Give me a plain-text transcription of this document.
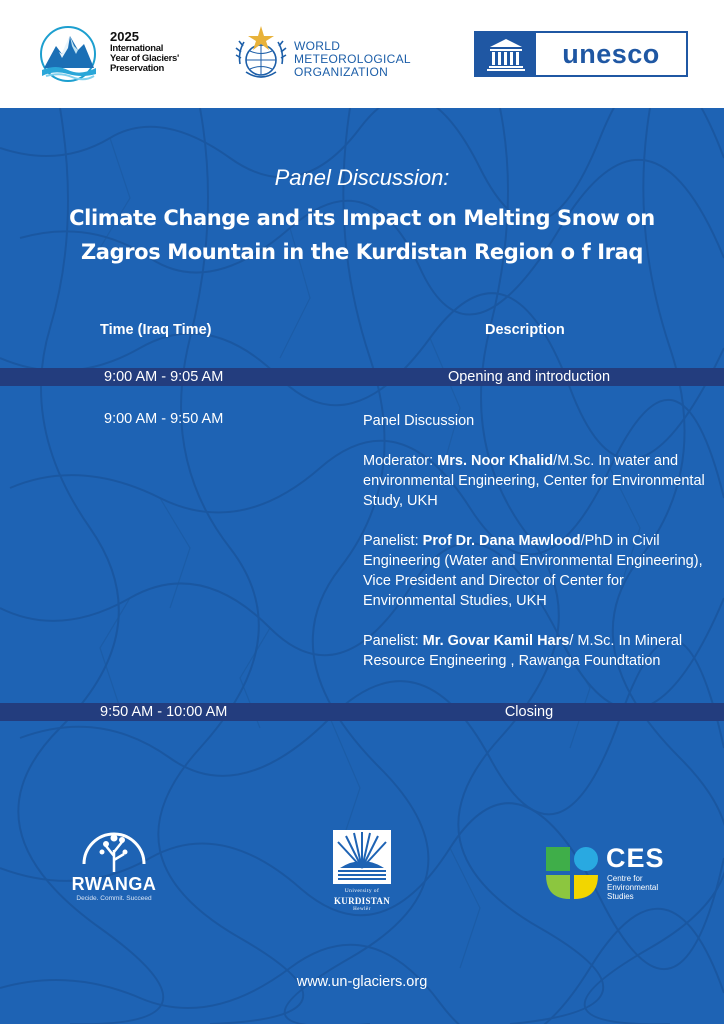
2025
International
Year of Glaciers'
Preservation
WORLD
METEOROLOGICAL
ORGANIZATION
unesco
Panel Discussion:
Climate Change and its Impact on Melting Snow on
Zagros Mountain in the Kurdistan Region o f Iraq
Time (Iraq Time)	Description
9:00 AM - 9:05 AM	Opening and introduction
9:00 AM - 9:50 AM	Panel Discussion

Moderator: Mrs. Noor Khalid/M.Sc. In water and environmental Engineering, Center for Environmental Study, UKH

Panelist: Prof Dr. Dana Mawlood/PhD in Civil Engineering (Water and Environmental Engineering), Vice President and Director of Center for Environmental Studies, UKH

Panelist: Mr. Govar Kamil Hars/ M.Sc. In Mineral Resource Engineering , Rawanga Foundtation

9:50 AM - 10:00 AM	Closing
RWANGA
Decide. Commit. Succeed
University of
KURDISTAN
Hewlêr
CES
Centre for
Environmental
Studies
www.un-glaciers.org
